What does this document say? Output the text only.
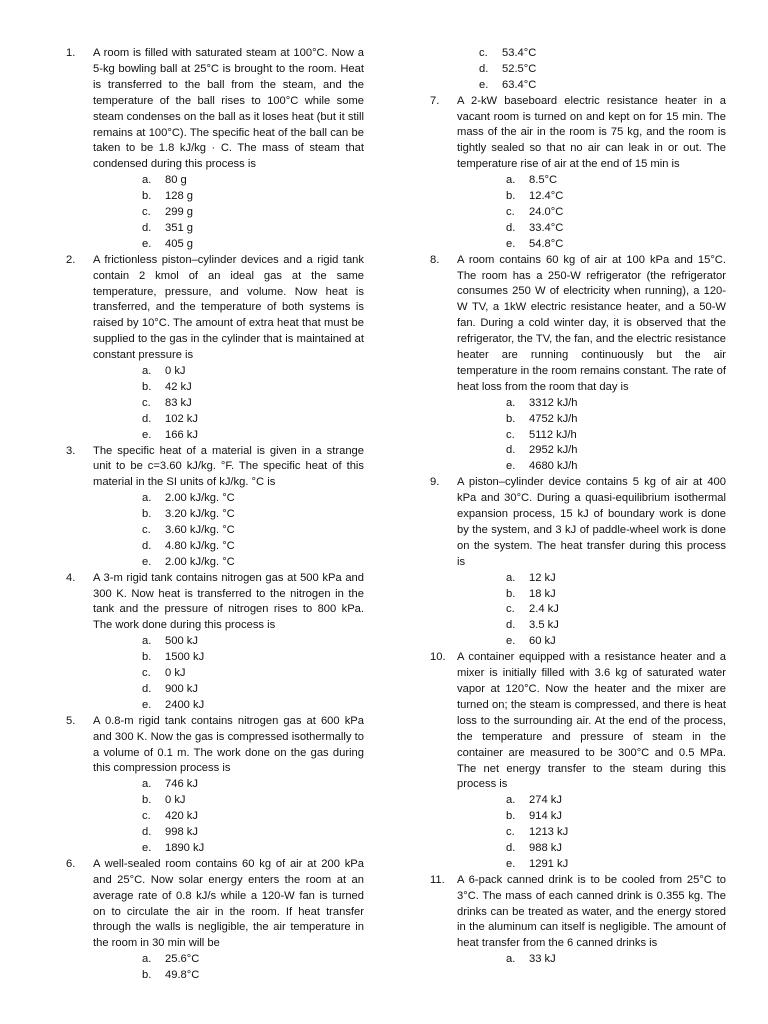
1.	A room is filled with saturated steam at 100°C. Now a 5-kg bowling ball at 25°C is brought to the room. Heat is transferred to the ball from the steam, and the temperature of the ball rises to 100°C while some steam condenses on the ball as it loses heat (but it still remains at 100°C). The specific heat of the ball can be taken to be 1.8 kJ/kg · C. The mass of steam that condensed during this process is
a. 80 g
b. 128 g
c. 299 g
d. 351 g
e. 405 g
2.	A frictionless piston–cylinder devices and a rigid tank contain 2 kmol of an ideal gas at the same temperature, pressure, and volume. Now heat is transferred, and the temperature of both systems is raised by 10°C. The amount of extra heat that must be supplied to the gas in the cylinder that is maintained at constant pressure is
a. 0 kJ
b. 42 kJ
c. 83 kJ
d. 102 kJ
e. 166 kJ
3.	The specific heat of a material is given in a strange unit to be c=3.60 kJ/kg. °F. The specific heat of this material in the SI units of kJ/kg. °C is
a. 2.00 kJ/kg. °C
b. 3.20 kJ/kg. °C
c. 3.60 kJ/kg. °C
d. 4.80 kJ/kg. °C
e. 2.00 kJ/kg. °C
4.	A 3-m rigid tank contains nitrogen gas at 500 kPa and 300 K. Now heat is transferred to the nitrogen in the tank and the pressure of nitrogen rises to 800 kPa. The work done during this process is
a. 500 kJ
b. 1500 kJ
c. 0 kJ
d. 900 kJ
e. 2400 kJ
5.	A 0.8-m rigid tank contains nitrogen gas at 600 kPa and 300 K. Now the gas is compressed isothermally to a volume of 0.1 m. The work done on the gas during this compression process is
a. 746 kJ
b. 0 kJ
c. 420 kJ
d. 998 kJ
e. 1890 kJ
6.	A well-sealed room contains 60 kg of air at 200 kPa and 25°C. Now solar energy enters the room at an average rate of 0.8 kJ/s while a 120-W fan is turned on to circulate the air in the room. If heat transfer through the walls is negligible, the air temperature in the room in 30 min will be
a. 25.6°C
b. 49.8°C
c. 53.4°C
d. 52.5°C
e. 63.4°C
7.	A 2-kW baseboard electric resistance heater in a vacant room is turned on and kept on for 15 min. The mass of the air in the room is 75 kg, and the room is tightly sealed so that no air can leak in or out. The temperature rise of air at the end of 15 min is
a. 8.5°C
b. 12.4°C
c. 24.0°C
d. 33.4°C
e. 54.8°C
8.	A room contains 60 kg of air at 100 kPa and 15°C. The room has a 250-W refrigerator (the refrigerator consumes 250 W of electricity when running), a 120-W TV, a 1kW electric resistance heater, and a 50-W fan. During a cold winter day, it is observed that the refrigerator, the TV, the fan, and the electric resistance heater are running continuously but the air temperature in the room remains constant. The rate of heat loss from the room that day is
a. 3312 kJ/h
b. 4752 kJ/h
c. 5112 kJ/h
d. 2952 kJ/h
e. 4680 kJ/h
9.	A piston–cylinder device contains 5 kg of air at 400 kPa and 30°C. During a quasi-equilibrium isothermal expansion process, 15 kJ of boundary work is done by the system, and 3 kJ of paddle-wheel work is done on the system. The heat transfer during this process is
a. 12 kJ
b. 18 kJ
c. 2.4 kJ
d. 3.5 kJ
e. 60 kJ
10.	A container equipped with a resistance heater and a mixer is initially filled with 3.6 kg of saturated water vapor at 120°C. Now the heater and the mixer are turned on; the steam is compressed, and there is heat loss to the surrounding air. At the end of the process, the temperature and pressure of steam in the container are measured to be 300°C and 0.5 MPa. The net energy transfer to the steam during this process is
a. 274 kJ
b. 914 kJ
c. 1213 kJ
d. 988 kJ
e. 1291 kJ
11.	A 6-pack canned drink is to be cooled from 25°C to 3°C. The mass of each canned drink is 0.355 kg. The drinks can be treated as water, and the energy stored in the aluminum can itself is negligible. The amount of heat transfer from the 6 canned drinks is
a. 33 kJ
